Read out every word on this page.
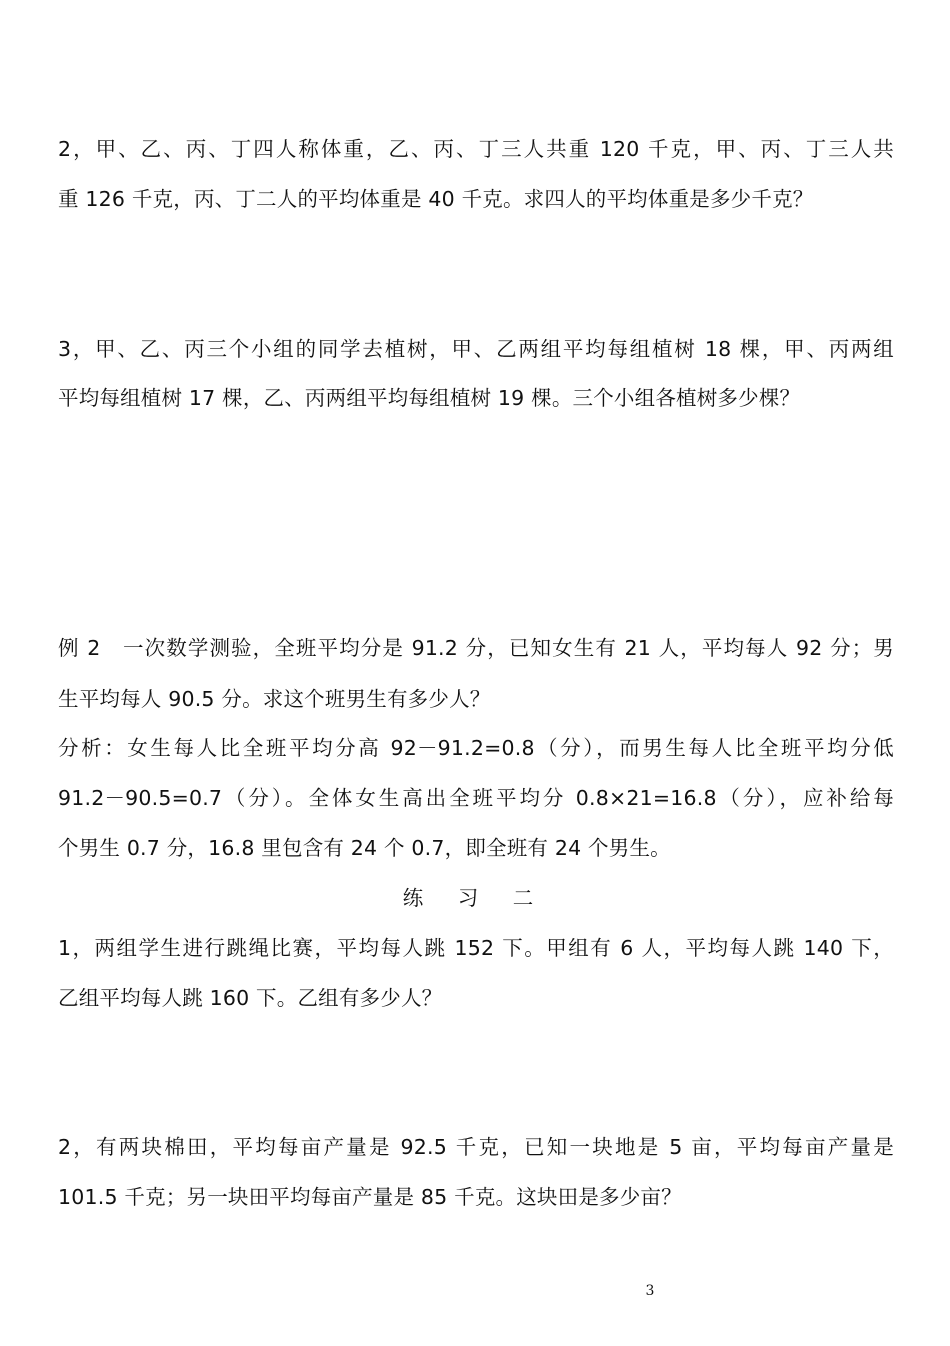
2，甲、乙、丙、丁四人称体重，乙、丙、丁三人共重 120 千克，甲、丙、丁三人共
重 126 千克，丙、丁二人的平均体重是 40 千克。求四人的平均体重是多少千克？
3，甲、乙、丙三个小组的同学去植树，甲、乙两组平均每组植树 18 棵，甲、丙两组
平均每组植树 17 棵，乙、丙两组平均每组植树 19 棵。三个小组各植树多少棵？
例 2　一次数学测验，全班平均分是 91.2 分，已知女生有 21 人，平均每人 92 分；男
生平均每人 90.5 分。求这个班男生有多少人？
分析：女生每人比全班平均分高 92－91.2=0.8（分），而男生每人比全班平均分低
91.2－90.5=0.7（分）。全体女生高出全班平均分 0.8×21=16.8（分），应补给每
个男生 0.7 分，16.8 里包含有 24 个 0.7，即全班有 24 个男生。
练 习 二
1，两组学生进行跳绳比赛，平均每人跳 152 下。甲组有 6 人，平均每人跳 140 下，
乙组平均每人跳 160 下。乙组有多少人？
2，有两块棉田，平均每亩产量是 92.5 千克，已知一块地是 5 亩，平均每亩产量是
101.5 千克；另一块田平均每亩产量是 85 千克。这块田是多少亩？
3
